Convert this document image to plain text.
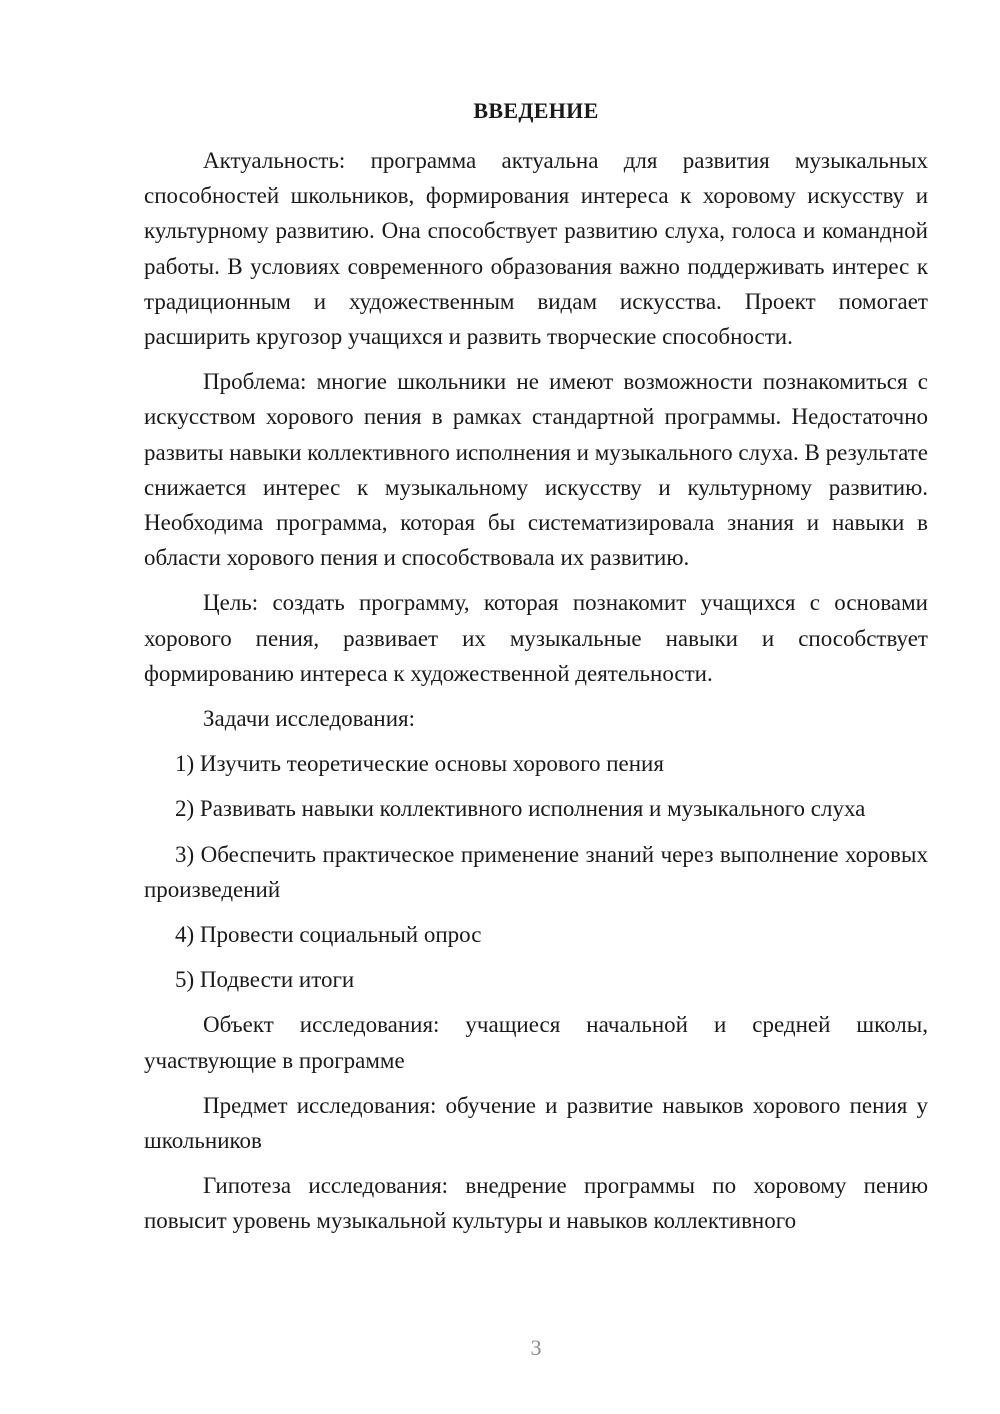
ВВЕДЕНИЕ

Актуальность: программа актуальна для развития музыкальных способностей школьников, формирования интереса к хоровому искусству и культурному развитию. Она способствует развитию слуха, голоса и командной работы. В условиях современного образования важно поддерживать интерес к традиционным и художественным видам искусства. Проект помогает расширить кругозор учащихся и развить творческие способности.

Проблема: многие школьники не имеют возможности познакомиться с искусством хорового пения в рамках стандартной программы. Недостаточно развиты навыки коллективного исполнения и музыкального слуха. В результате снижается интерес к музыкальному искусству и культурному развитию. Необходима программа, которая бы систематизировала знания и навыки в области хорового пения и способствовала их развитию.

Цель: создать программу, которая познакомит учащихся с основами хорового пения, развивает их музыкальные навыки и способствует формированию интереса к художественной деятельности.

Задачи исследования:

1) Изучить теоретические основы хорового пения

2) Развивать навыки коллективного исполнения и музыкального слуха

3) Обеспечить практическое применение знаний через выполнение хоровых произведений

4) Провести социальный опрос

5) Подвести итоги

Объект исследования: учащиеся начальной и средней школы, участвующие в программе

Предмет исследования: обучение и развитие навыков хорового пения у школьников

Гипотеза исследования: внедрение программы по хоровому пению повысит уровень музыкальной культуры и навыков коллективного

3
